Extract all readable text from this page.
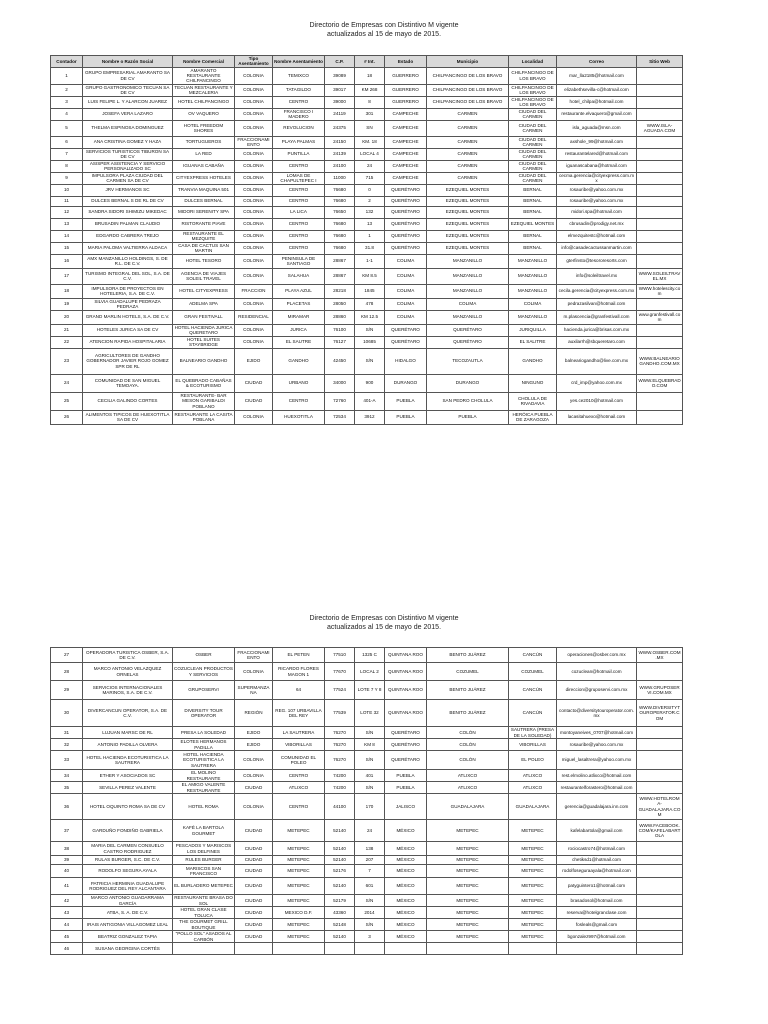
Directorio de Empresas con Distintivo M vigente
actualizados al 15 de mayo de 2015.
Contador	Nombre o Razón Social	Nombre Comercial	Tipo Asentamiento	Nombre Asentamiento	C.P.	# Int.	Estado	Municipio	Localidad	Correo	Sitio Web
1	GRUPO EMPRESARIAL AMARANTO SA DE CV	AMARANTO RESTAURANTE CHILPANCINGO	COLONIA	TEMIXCO	39089	18	GUERRERO	CHILPANCINGO DE LOS BRAVO	CHILPANCINGO DE LOS BRAVO	mar_lla2185@hotmail.com	
2	GRUPO GASTRONOMICO TECUAN SA DE CV	TECUAN RESTAURANTE Y MEZCALERIA	COLONIA	TATAGILDO	39017	KM 268	GUERRERO	CHILPANCINGO DE LOS BRAVO	CHILPANCINGO DE LOS BRAVO	elizabethsevilla-c@hotmail.com	
3	LUIS FELIPE L. Y ALARCON JUAREZ	HOTEL CHILPANCINGO	COLONIA	CENTRO	39000	8	GUERRERO	CHILPANCINGO DE LOS BRAVO	CHILPANCINGO DE LOS BRAVO	hotel_chilpa@hotmail.com	
4	JOSEFA VERA LAZARO	OV VAQUERO	COLONIA	FRANCISCO I MADERO	24119	301	CAMPECHE	CARMEN	CIUDAD DEL CARMEN	restaurante.elvaquero@gmail.com	
5	THELMA ESPINOSA DOMINGUEZ	HOTEL FREEDOM SHORES	COLONIA	REVOLUCION	24375	SN	CAMPECHE	CARMEN	CIUDAD DEL CARMEN	isla_aguada@msn.com	WWW.ISLA-AGUADA.COM
6	ANA CRISTINA GOMEZ Y HAZA	TORTUGUEROS	FRACCIONAMIENTO	PLAYA PALMAS	24150	KM. 18	CAMPECHE	CARMEN	CIUDAD DEL CARMEN	axshole_99@hotmail.com	
7	SERVICIOS TURISTICOS TIBURON SA DE CV	LA RED	COLONIA	PUNTILLA	24139	LOCAL 4	CAMPECHE	CARMEN	CIUDAD DEL CARMEN	restaurantelared@hotmail.com	
8	ASISPER ASISTENCIA Y SERVICIO PERSONALIZADO SC	IGUANAS CABAÑA	COLONIA	CENTRO	24100	24	CAMPECHE	CARMEN	CIUDAD DEL CARMEN	iguanascabana@hotmail.com	
9	IMPULSORA PLAZA CIUDAD DEL CARMEN SA DE CV	CITYEXPRESS HOTELES	COLONIA	LOMAS DE CHAPULTEPEC I	11000	715	CAMPECHE	CARMEN	CIUDAD DEL CARMEN	cecma.gerencia@cityexpress.com.mx	
10	JRV HERMANOS SC	TRANVIA MAQUINA 501	COLONIA	CENTRO	76680	0	QUERÉTARO	EZEQUIEL MONTES	BERNAL	rosauribe@yahoo.com.mx	
11	DULCES BERNAL S DE RL DE CV	DULCES BERNAL	COLONIA	CENTRO	76680	2	QUERÉTARO	EZEQUIEL MONTES	BERNAL	rosauribe@yahoo.com.mx	
12	SANDRA SIDORI SHIMIZU MIKEDAC	MIDORI SERENITY SPA	COLONIA	LA LICA	76650	132	QUERÉTARO	EZEQUIEL MONTES	BERNAL	midori.spa@hotmail.com	
13	BRUSADIN PALMAN CLAUDIO	RISTORANTE PIAVE	COLONIA	CENTRO	76680	13	QUERÉTARO	EZEQUIEL MONTES	EZEQUIEL MONTES	cbrusadin@prodigy.net.mx	
14	EDGARDO CABRERA TREJO	RESTAURANTE EL MEZQUITE	COLONIA	CENTRO	76680	1	QUERÉTARO	EZEQUIEL MONTES	BERNAL	elmezquitestc@hotmail.com	
15	MARIA PALOMA VALTIERRA ALDACA	CASA DE CACTUS SAN MARTIN	COLONIA	CENTRO	76680	31.8	QUERÉTARO	EZEQUIEL MONTES	BERNAL	info@casadecactussanmartin.com	
16	AMX MANZANILLO HOLDINGS, S. DE R.L. DE C.V.	HOTEL TESORO	COLONIA	PENINSULA DE SANTIAGO	28867	1-1	COLIMA	MANZANILLO	MANZANILLO	gterfinsto@tesororesorts.com	
17	TURISMO INTEGRAL DEL SOL, S.A. DE C.V.	AGENCIA DE VIAJES SOLEIL TRAVEL	COLONIA	SALAHUA	28867	KM 8.5	COLIMA	MANZANILLO	MANZANILLO	info@soleiltravel.mx	WWW.SOLEILTRAVEL.MX
18	IMPULSORA DE PROYECTOS EN HOTELERIA, S.A. DE C.V.	HOTEL CITYEXPRESS	FRACCION	PLAYA AZUL	28218	1845	COLIMA	MANZANILLO	MANZANILLO	cecila.gerencia@cityexpress.com.mx	WWW.hotelescity.com
19	SILVIA GUADALUPE PEDRAZA PEDRAZA	ADELMA SPA	COLONIA	PLACETAS	28050	478	COLIMA	COLIMA	COLIMA	pedrazasilvan@hotmail.com	
20	GRAND MARLIN HOTELS, S.A. DE C.V.	GRAN FESTIVALL	RESIDENCIAL	MIRAMAR	28860	KM 12.5	COLIMA	MANZANILLO	MANZANILLO	m.plascencia@granfestivall.com	www.granfestivall.com
21	HOTELES JURICA SA DE CV	HOTEL HACIENDA JURICA QUERETARO	COLONIA	JURICA	76100	S/N	QUERÉTARO	QUERÉTARO	JURIQUILLA	hacienda.jurica@brisas.com.mx	
22	ATENCION RAPIDA HOSPITALARIA	HOTEL SUITES STAYBRIDGE	COLONIA	EL SAUTRE	76127	10685	QUERÉTARO	QUERÉTARO	EL SALITRE	auxilarrh@sbqueretaro.com	
23	AGRICULTORES DE GANDHO GOBERNADOR JAVIER ROJO GOMEZ SPR DE RL	BALNEARIO GANDHO	EJIDO	GANDHO	42450	S/N	HIDALGO	TECOZAUTLA	GANDHO	balneariogandho@live.com.mx	WWW.BALNEARIOGANDHO.COM.MX
24	COMUNIDAD DE SAN MIGUEL TEMOAYA.	EL QUEBRADO CABAÑAS & ECOTURISMO	CIUDAD	URBANO	34000	900	DURANGO	DURANGO	NINGUNO	crd_imp@yahoo.com.mx	WWW.ELQUEBRADO.COM
25	CECILIA GALINDO CORTES	RESTAURANTE- BAR MESON GARIBALDI POBLANO	CIUDAD	CENTRO	72760	401-A	PUEBLA	SAN PEDRO CHOLULA	CHOLULA DE RIVADAVIA	yes.ce2010@hotmail.com	
26	ALIMENTOS TIPICOS DE HUEXOTITLA SA DE CV	RESTAURANTE LA CASITA POBLANA	COLONIA	HUEXOTITLA	72534	3912	PUEBLA	PUEBLA	HERÓICA PUEBLA DE ZARAGOZA	lacasitahuexo@hotmail.com	
Directorio de Empresas con Distintivo M vigente
actualizados al 15 de mayo de 2015.
27	OPERADORA TURISTICA OSBER, S.A. DE C.V.	OSBER	FRACCIONAMIENTO	EL PETEN	77510	1325 C	QUINTANA ROO	BENITO JUÁREZ	CANCÚN	operaciones@osber.com.mx	WWW.OSBER.COM.MX
28	MARCO ANTONIO VELAZQUEZ ORNELAS	COZUCLEAN PRODUCTOS Y SERVICIOS	COLONIA	RICARDO FLORES MAGON 1	77670	LOCAL 2	QUINTANA ROO	COZUMEL	COZUMEL	cozuclean@hotmail.com	
29	SERVICIOS INTERNACIONALES MARINOS, S.A. DE C.V.	GRUPOSERVI	SUPERMANZANA	64	77524	LOTE 7 Y 8	QUINTANA ROO	BENITO JUÁREZ	CANCÚN	direccion@gruposervi.com.mx	WWW.GRUPOSERVI.COM.MX
30	DIVERCANCUN OPERATOR, S.A. DE C.V.	DIVERSITY TOUR OPERATOR	REGIÓN	REG. 107 URBAVILLA DEL REY	77539	LOTE 32	QUINTANA ROO	BENITO JUÁREZ	CANCÚN	contacto@diversitytouroperator.com.mx	WWW.DIVERSITYTOUROPERATOR.COM
31	LUJUAN MARSC DE RL	PRESA LA SOLEDAD	EJIDO	LA SAUTRERA	76270	S/N	QUERÉTARO	COLÓN	SAUTRERA (PRESA DE LA SOLEDAD)	montoyaneives_0707@hotmail.com	
32	ANTONIO PADILLA OLVERA	ELOTES HERMANOS PADILLA	EJIDO	VIBORILLAS	76270	KM 8	QUERÉTARO	COLÓN	VIBORILLAS	rosauribe@yahoo.com.mx	
33	HOTEL HACIENDA ECOTURISTICA LA SAUTRERA	HOTEL HACIENDA ECOTURISTICA LA SAUTRERA	COLONIA	COMUNIDAD EL POLEO	76270	S/N	QUERÉTARO	COLÓN	EL POLEO	miguel_lasaltrera@yahoo.com.mx	
34	ETHER Y ASOCIADOS SC	EL MOLINO RESTAURANTE	COLONIA	CENTRO	74200	401	PUEBLA	ATLIXCO	ATLIXCO	rest.elmolino.atlixco@hotmail.com	
35	SEVILLA PEREZ VALENTE	EL AMIGO VALENTE RESTAURANTE	CIUDAD	ATLIXCO	74200	S/N	PUEBLA	ATLIXCO	ATLIXCO	restaurantelforastero@hotmail.com	
36	HOTEL OQUINTO ROMA SA DE CV	HOTEL ROMA	COLONIA	CENTRO	44100	170	JALISCO	GUADALAJARA	GUADALAJARA	gerencia@guadalajara.inn.com	WWW.HOTELROMA-GUADALAJARA.COM
37	GARDUÑO FONDIÑO GABRIELA	KAFÉ LA BARTOLA GOURMET	CIUDAD	METEPEC	52140	24	MÉXICO	METEPEC	METEPEC	kafelabartola@gmail.com	WWW.FACEBOOK.COM/KAFELABARTOLA
38	MARIA DEL CARMEN CONSUELO CASTRO RODRIGUEZ	PESCADOS Y MARISCOS LOS DELFINES	CIUDAD	METEPEC	52140	138	MÉXICO	METEPEC	METEPEC	rociocastro74@hotmail.com	
39	RULAS BURGER, S.C. DE C.V.	RULES BURGER	CIUDAD	METEPEC	52140	207	MÉXICO	METEPEC	METEPEC	chetiksd1@hotmail.com	
40	RODOLFO SEGURA AYALA	MARISCOS SAN FRANCISCO	CIUDAD	METEPEC	52176	7	MÉXICO	METEPEC	METEPEC	rodolfoseguraayala@hotmail.com	
41	PATRICIA HERMINIA GUADALUPE RODRIGUEZ DEL REY ALCANTARA	EL BURLADERO METEPEC	CIUDAD	METEPEC	52140	601	MÉXICO	METEPEC	METEPEC	patyguintero1@hotmail.com	
42	MARCO ANTONIO GUADARRAMA GARCÍA	RESTAURANTE BRASA DO SOL	CIUDAD	METEPEC	52179	S/N	MÉXICO	METEPEC	METEPEC	brasadosol@hotmail.com	
43	ATBA, S. A. DE C.V.	HOTEL GRAN CLASE TOLUCA	CIUDAD	MEXICO D.F.	43360	2014	MÉXICO	METEPEC	METEPEC	reserva@hotelgranclase.com	
44	IRAIS ANTIGONIA VILLAGOMEZ LEAL	THE GOURMET GRILL BOUTIQUE	CIUDAD	METEPEC	52148	S/N	MÉXICO	METEPEC	METEPEC	fosleals@gmail.com	
45	BEATRIZ GONZALEZ TAPIA	"POLLO SOL" ASADOS AL CARBÓN	CIUDAD	METEPEC	52140	3	MÉXICO	METEPEC	METEPEC	bgonzalez997@hotmail.com	
46	SUSANA GEORGINA CORTÉS										
